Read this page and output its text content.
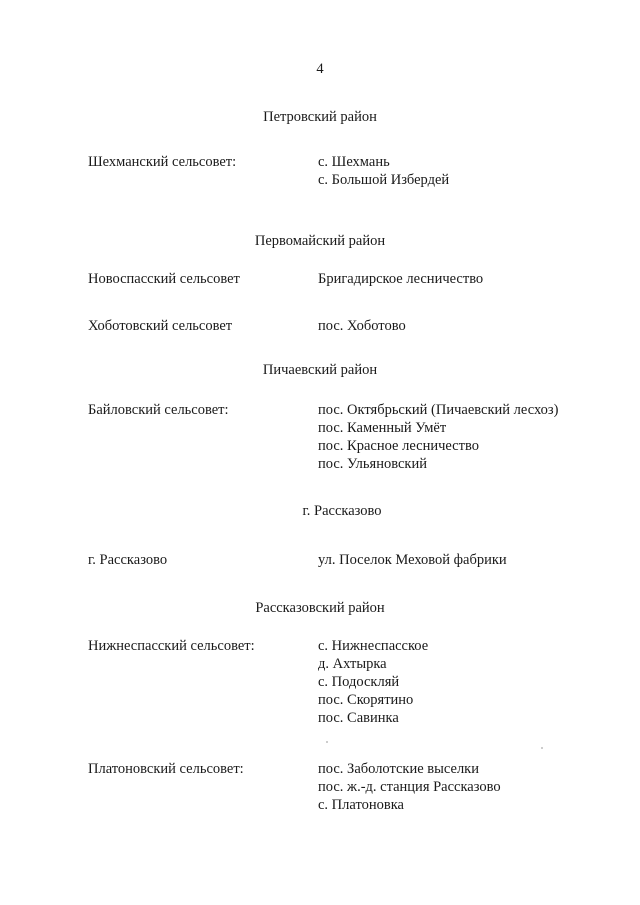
4
Петровский район
Шехманский сельсовет:	с. Шехмань
с. Большой Избердей
Первомайский район
Новоспасский сельсовет	Бригадирское лесничество
Хоботовский сельсовет	пос. Хоботово
Пичаевский район
Байловский сельсовет:	пос. Октябрьский (Пичаевский лесхоз)
пос. Каменный Умёт
пос. Красное лесничество
пос. Ульяновский
г. Рассказово
г. Рассказово	ул. Поселок Меховой фабрики
Рассказовский район
Нижнеспасский сельсовет:	с. Нижнеспасское
д. Ахтырка
с. Подоскляй
пос. Скорятино
пос. Савинка
Платоновский сельсовет:	пос. Заболотские выселки
пос. ж.-д. станция Рассказово
с. Платоновка
